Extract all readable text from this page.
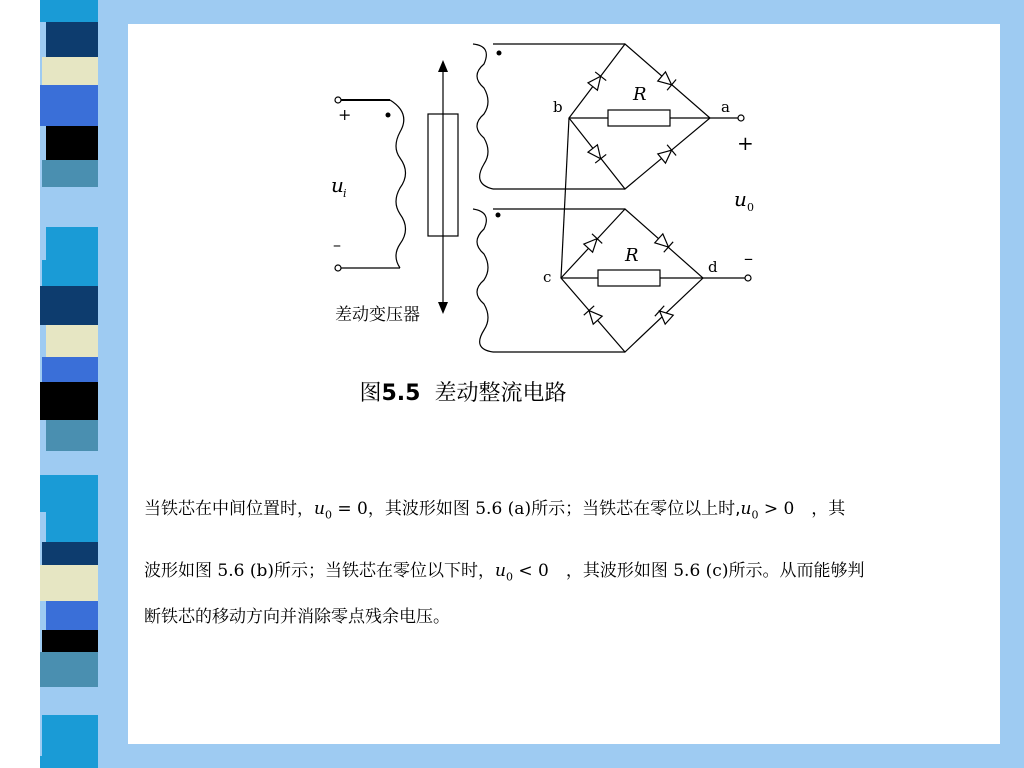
+
u i
–
b
c
a
d
R
R
+
u 0
–
差动变压器
图5.5 差动整流电路
当铁芯在中间位置时，$u_0 = 0$，其波形如图 5.6 (a)所示；当铁芯在零位以上时$,u_0 > 0$　，其
波形如图 5.6 (b)所示；当铁芯在零位以下时，$u_0 < 0$　，其波形如图 5.6 (c)所示。从而能够判
断铁芯的移动方向并消除零点残余电压。
